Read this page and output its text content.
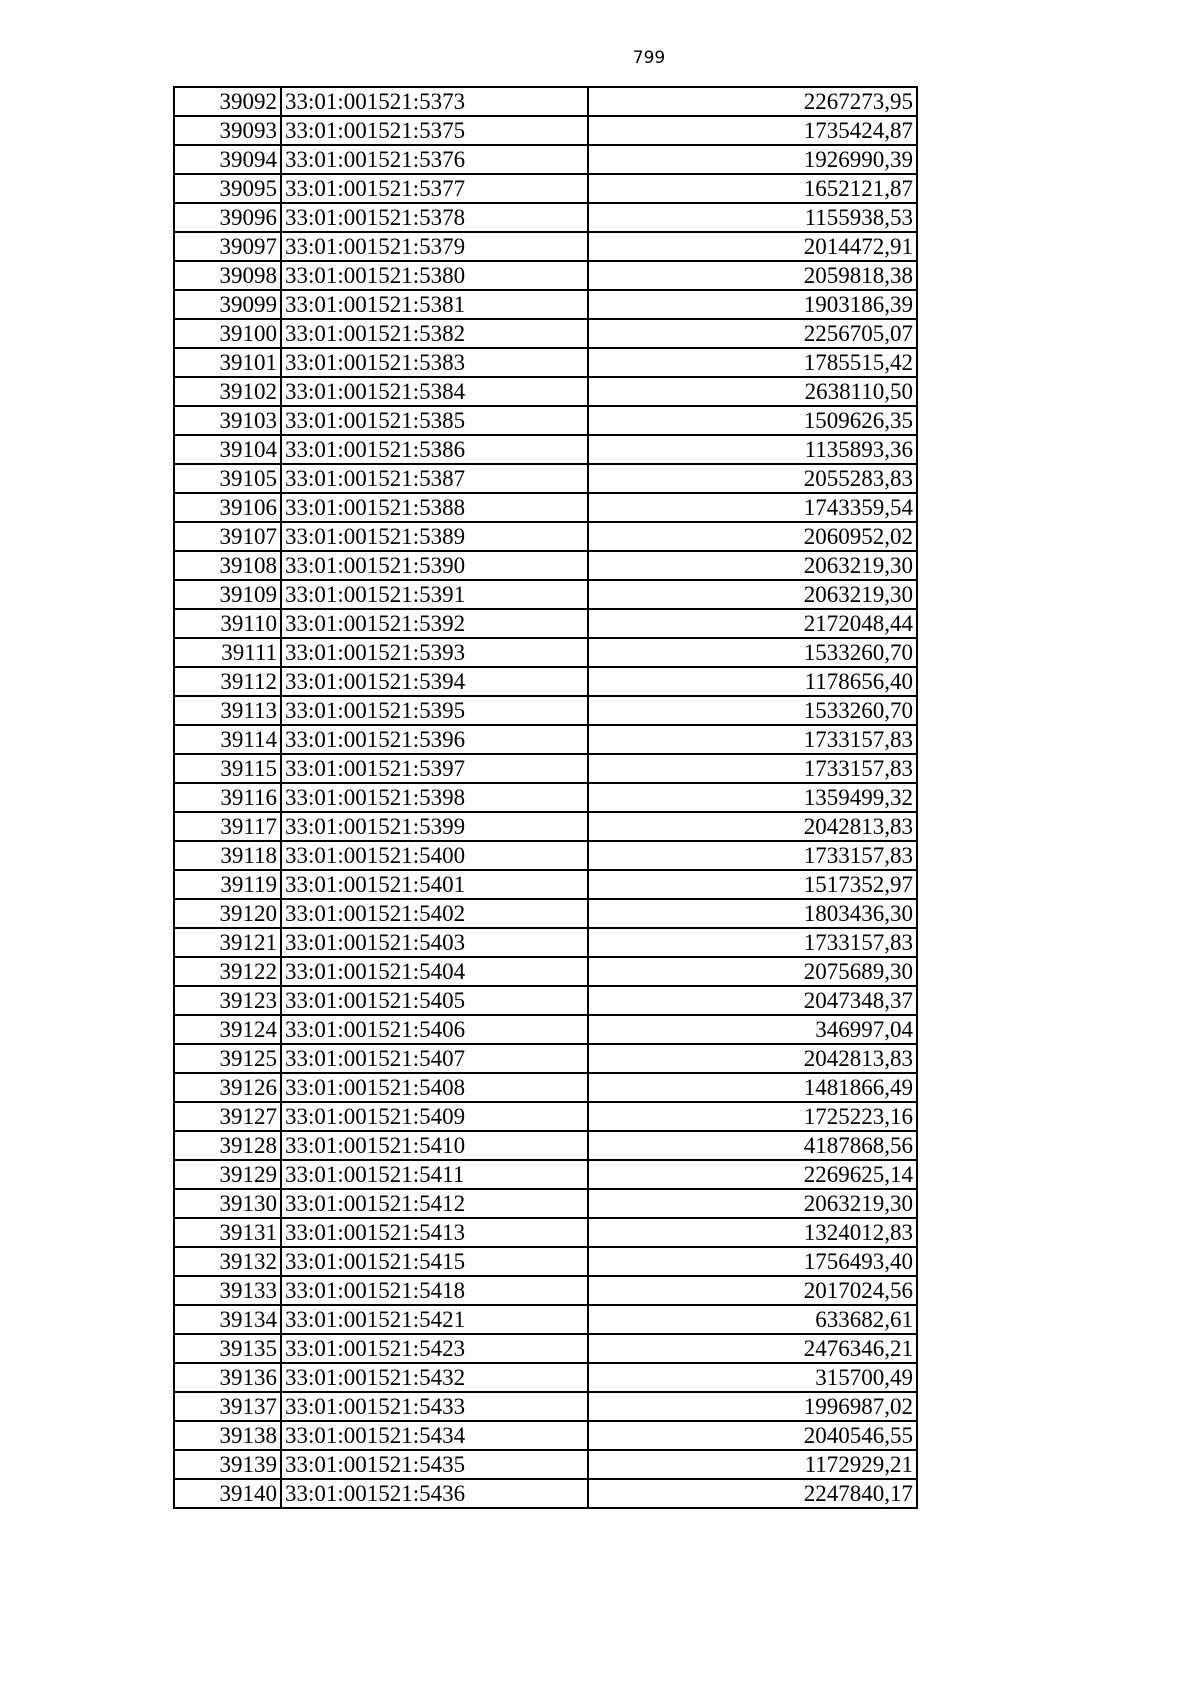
799
39092	33:01:001521:5373	2267273,95
39093	33:01:001521:5375	1735424,87
39094	33:01:001521:5376	1926990,39
39095	33:01:001521:5377	1652121,87
39096	33:01:001521:5378	1155938,53
39097	33:01:001521:5379	2014472,91
39098	33:01:001521:5380	2059818,38
39099	33:01:001521:5381	1903186,39
39100	33:01:001521:5382	2256705,07
39101	33:01:001521:5383	1785515,42
39102	33:01:001521:5384	2638110,50
39103	33:01:001521:5385	1509626,35
39104	33:01:001521:5386	1135893,36
39105	33:01:001521:5387	2055283,83
39106	33:01:001521:5388	1743359,54
39107	33:01:001521:5389	2060952,02
39108	33:01:001521:5390	2063219,30
39109	33:01:001521:5391	2063219,30
39110	33:01:001521:5392	2172048,44
39111	33:01:001521:5393	1533260,70
39112	33:01:001521:5394	1178656,40
39113	33:01:001521:5395	1533260,70
39114	33:01:001521:5396	1733157,83
39115	33:01:001521:5397	1733157,83
39116	33:01:001521:5398	1359499,32
39117	33:01:001521:5399	2042813,83
39118	33:01:001521:5400	1733157,83
39119	33:01:001521:5401	1517352,97
39120	33:01:001521:5402	1803436,30
39121	33:01:001521:5403	1733157,83
39122	33:01:001521:5404	2075689,30
39123	33:01:001521:5405	2047348,37
39124	33:01:001521:5406	346997,04
39125	33:01:001521:5407	2042813,83
39126	33:01:001521:5408	1481866,49
39127	33:01:001521:5409	1725223,16
39128	33:01:001521:5410	4187868,56
39129	33:01:001521:5411	2269625,14
39130	33:01:001521:5412	2063219,30
39131	33:01:001521:5413	1324012,83
39132	33:01:001521:5415	1756493,40
39133	33:01:001521:5418	2017024,56
39134	33:01:001521:5421	633682,61
39135	33:01:001521:5423	2476346,21
39136	33:01:001521:5432	315700,49
39137	33:01:001521:5433	1996987,02
39138	33:01:001521:5434	2040546,55
39139	33:01:001521:5435	1172929,21
39140	33:01:001521:5436	2247840,17
